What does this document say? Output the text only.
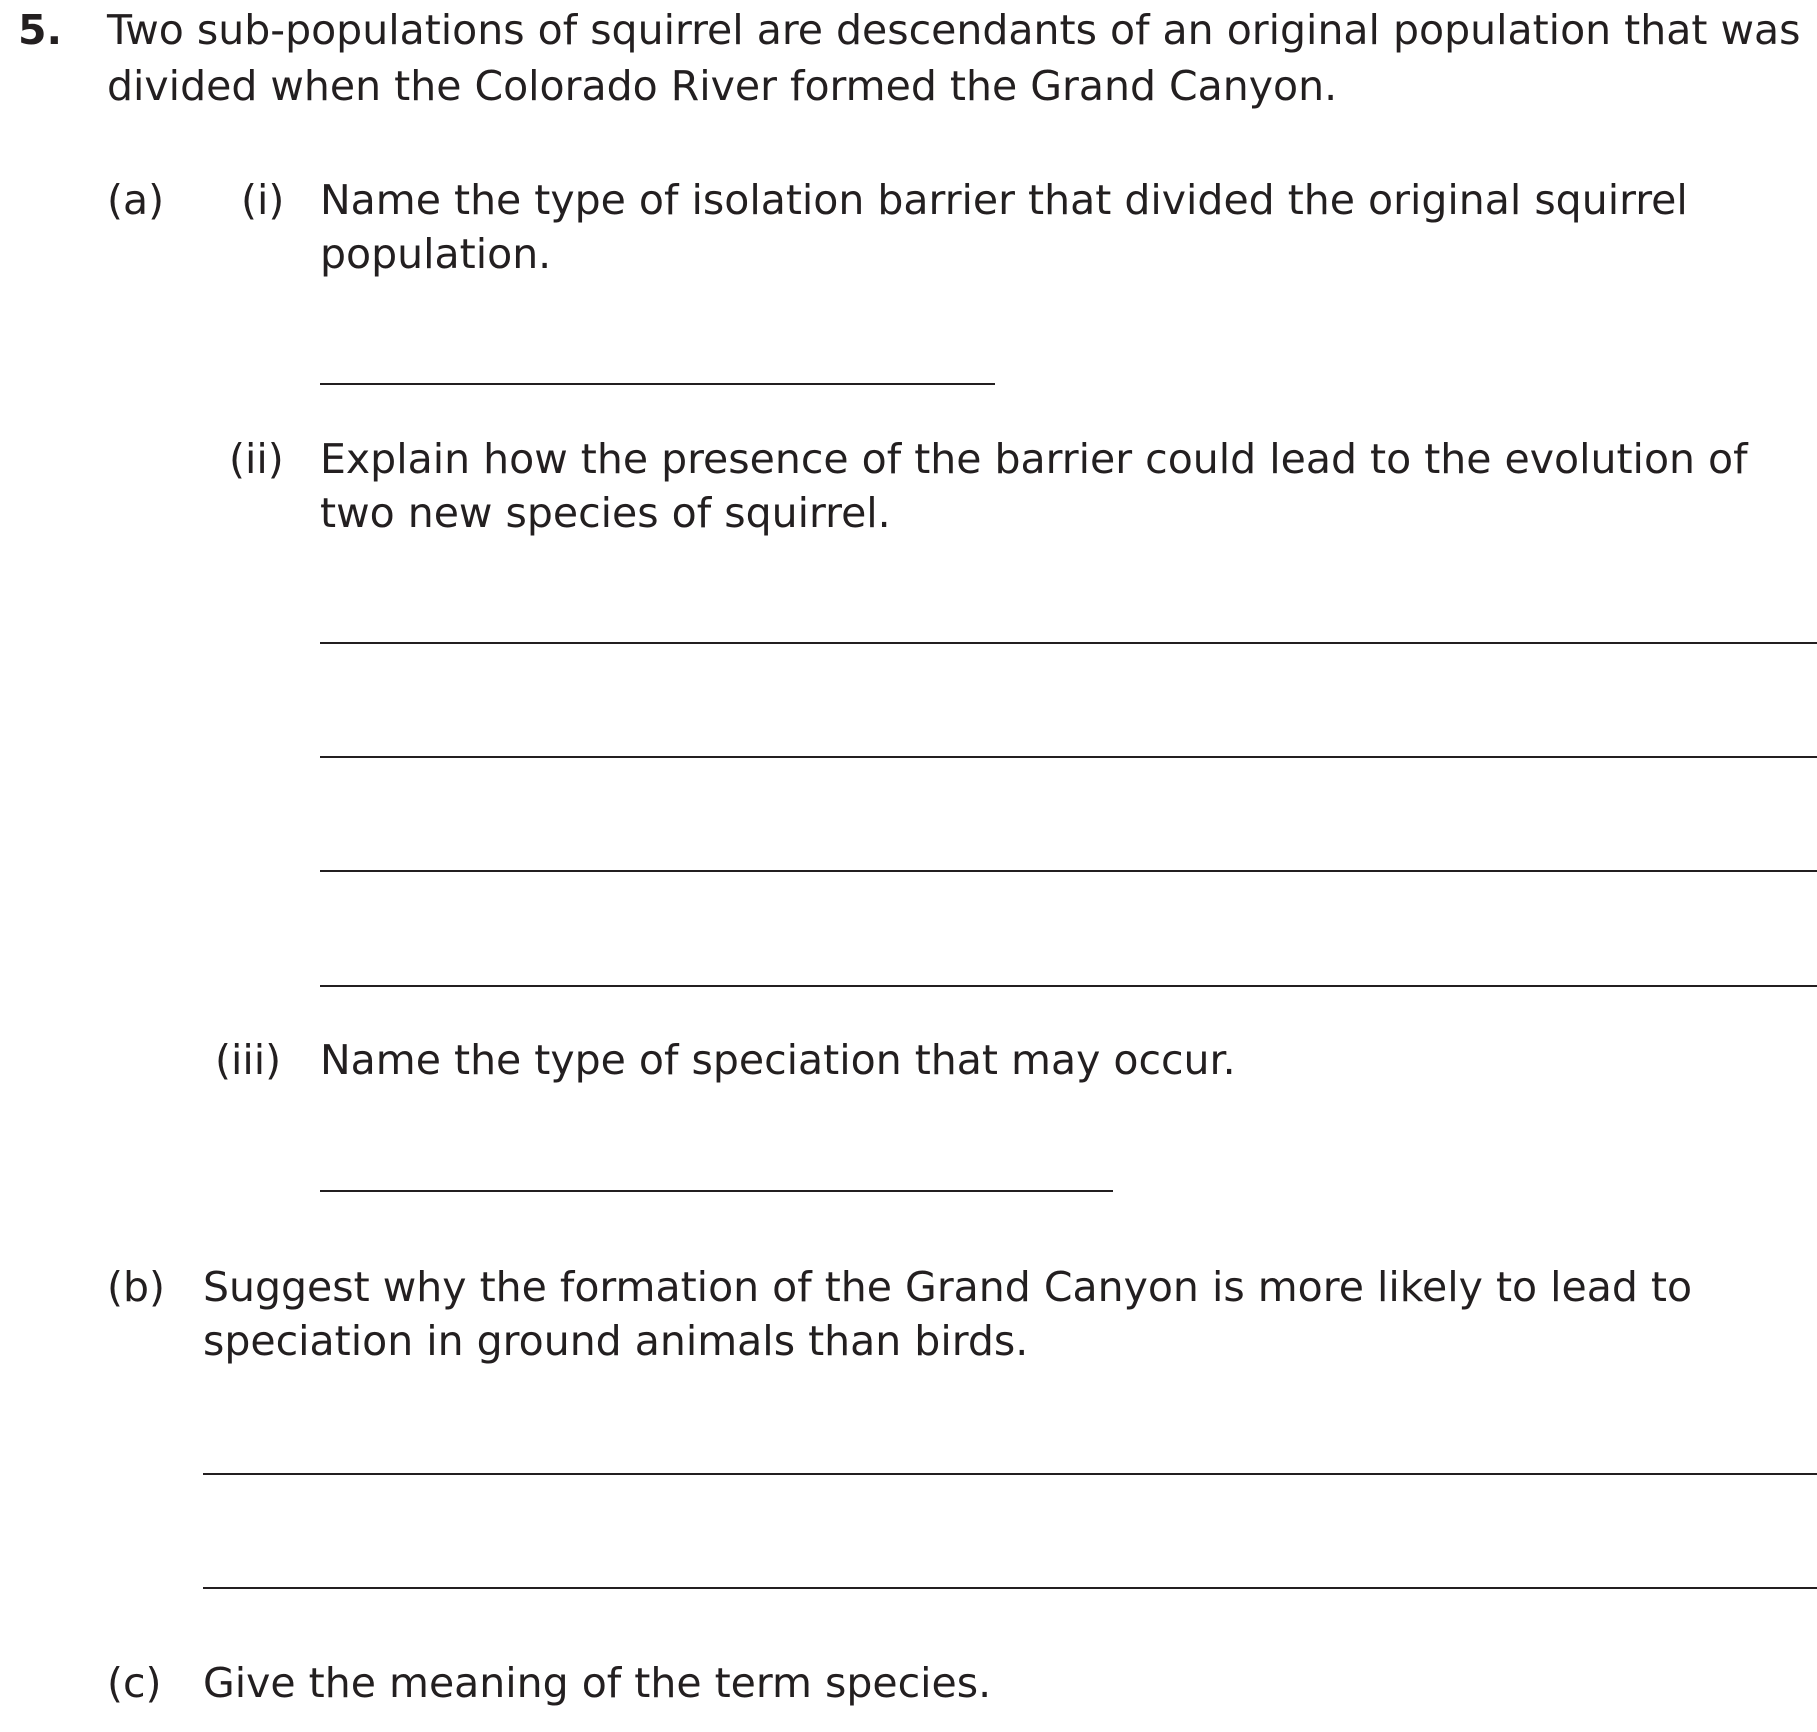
5. Two sub-populations of squirrel are descendants of an original population that was

divided when the Colorado River formed the Grand Canyon.

(a) (i) Name the type of isolation barrier that divided the original squirrel

population.

(ii) Explain how the presence of the barrier could lead to the evolution of

two new species of squirrel.

(iii) Name the type of speciation that may occur.

(b) Suggest why the formation of the Grand Canyon is more likely to lead to

speciation in ground animals than birds.

(c) Give the meaning of the term species.
